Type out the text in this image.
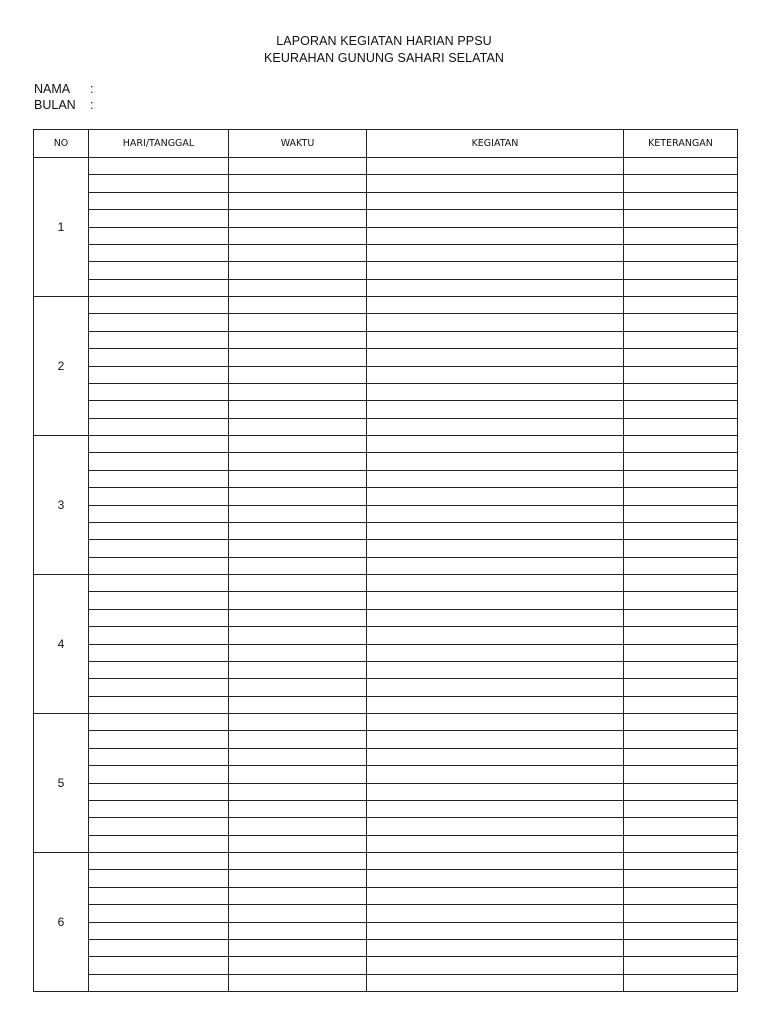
LAPORAN KEGIATAN HARIAN PPSU
KEURAHAN GUNUNG SAHARI SELATAN
NAMA :
BULAN :
NO	HARI/TANGGAL	WAKTU	KEGIATAN	KETERANGAN
1				

2				

3				

4				

5				

6				
